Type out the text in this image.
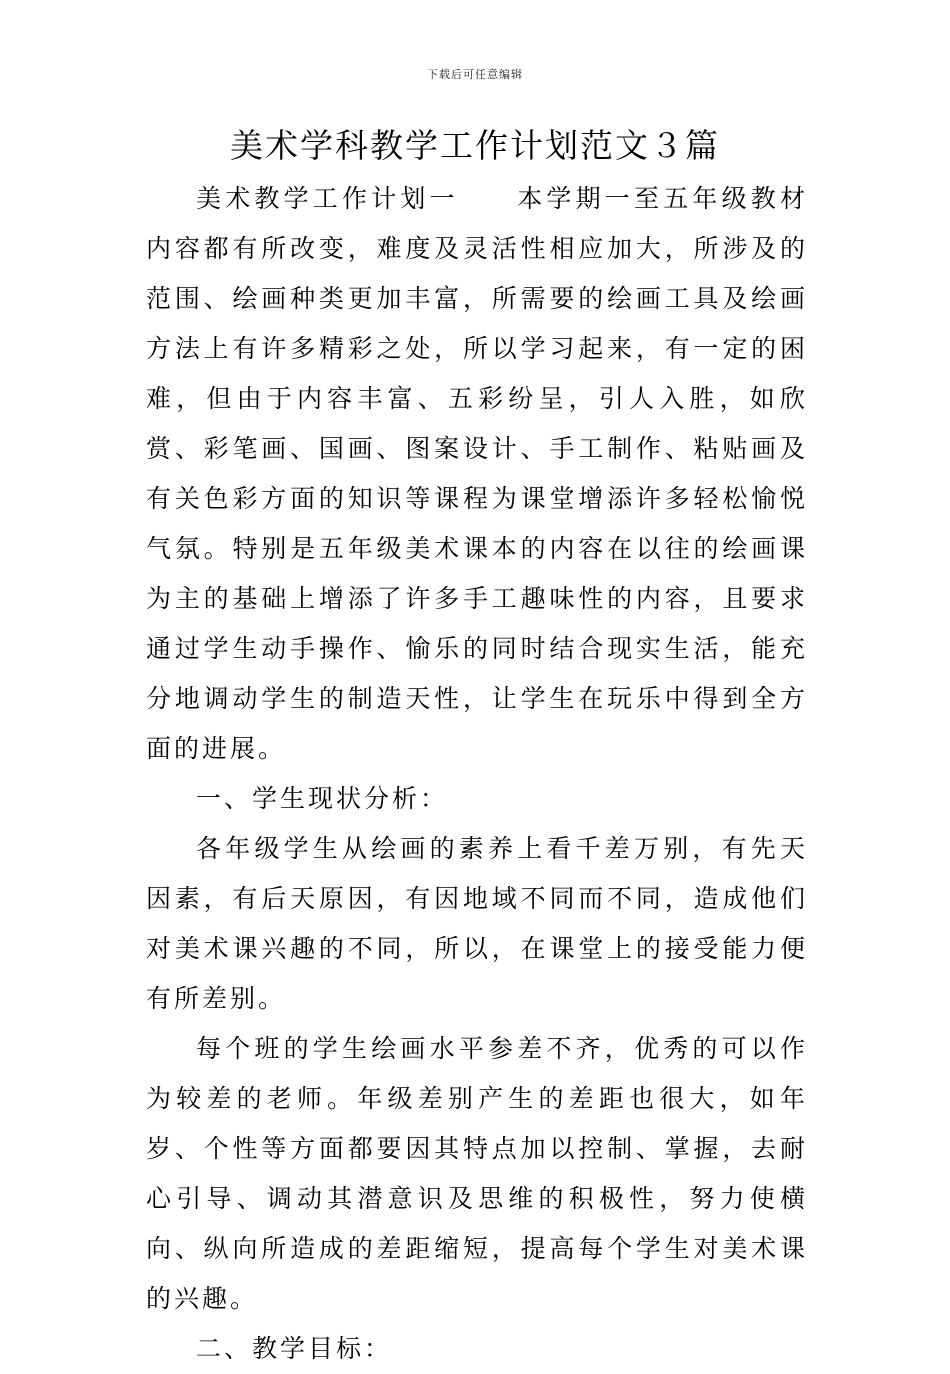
下载后可任意编辑
美术学科教学工作计划范文３篇

美术教学工作计划一　　本学期一至五年级教材内容都有所改变，难度及灵活性相应加大，所涉及的范围、绘画种类更加丰富，所需要的绘画工具及绘画方法上有许多精彩之处，所以学习起来，有一定的困难，但由于内容丰富、五彩纷呈，引人入胜，如欣赏、彩笔画、国画、图案设计、手工制作、粘贴画及有关色彩方面的知识等课程为课堂增添许多轻松愉悦气氛。特别是五年级美术课本的内容在以往的绘画课为主的基础上增添了许多手工趣味性的内容，且要求通过学生动手操作、愉乐的同时结合现实生活，能充分地调动学生的制造天性，让学生在玩乐中得到全方面的进展。

一、学生现状分析：

各年级学生从绘画的素养上看千差万别，有先天因素，有后天原因，有因地域不同而不同，造成他们对美术课兴趣的不同，所以，在课堂上的接受能力便有所差别。

每个班的学生绘画水平参差不齐，优秀的可以作为较差的老师。年级差别产生的差距也很大，如年岁、个性等方面都要因其特点加以控制、掌握，去耐心引导、调动其潜意识及思维的积极性，努力使横向、纵向所造成的差距缩短，提高每个学生对美术课的兴趣。

二、教学目标：
